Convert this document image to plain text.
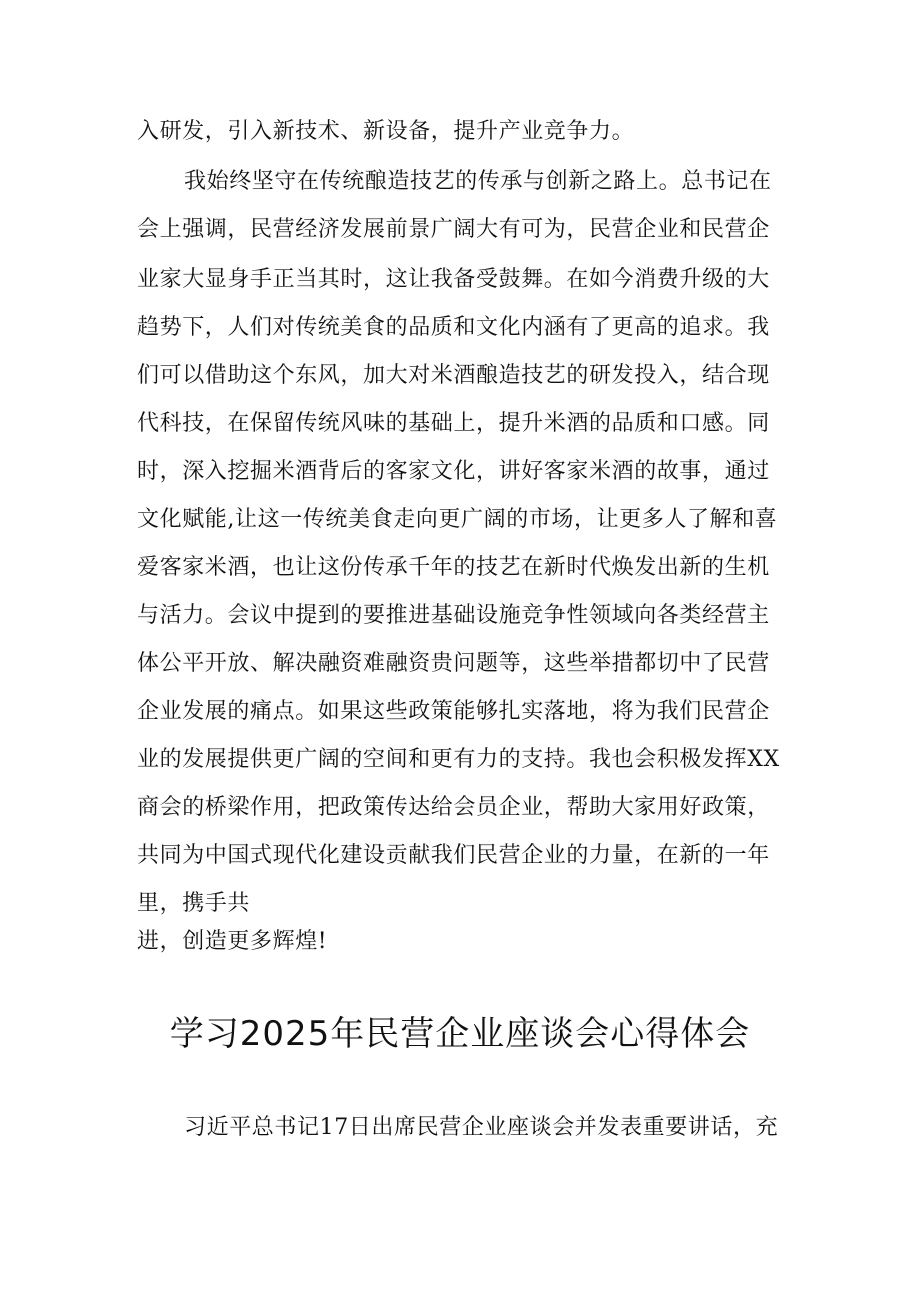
入研发，引入新技术、新设备，提升产业竞争力。
我始终坚守在传统酿造技艺的传承与创新之路上。总书记在
会上强调，民营经济发展前景广阔大有可为，民营企业和民营企
业家大显身手正当其时，这让我备受鼓舞。在如今消费升级的大
趋势下，人们对传统美食的品质和文化内涵有了更高的追求。我
们可以借助这个东风，加大对米酒酿造技艺的研发投入，结合现
代科技，在保留传统风味的基础上，提升米酒的品质和口感。同
时，深入挖掘米酒背后的客家文化，讲好客家米酒的故事，通过
文化赋能,让这一传统美食走向更广阔的市场，让更多人了解和喜
爱客家米酒，也让这份传承千年的技艺在新时代焕发出新的生机
与活力。会议中提到的要推进基础设施竞争性领域向各类经营主
体公平开放、解决融资难融资贵问题等，这些举措都切中了民营
企业发展的痛点。如果这些政策能够扎实落地，将为我们民营企
业的发展提供更广阔的空间和更有力的支持。我也会积极发挥XX
商会的桥梁作用，把政策传达给会员企业，帮助大家用好政策，
共同为中国式现代化建设贡献我们民营企业的力量，在新的一年
里，携手共
进，创造更多辉煌!
学习2025年民营企业座谈会心得体会
习近平总书记17日出席民营企业座谈会并发表重要讲话，充
